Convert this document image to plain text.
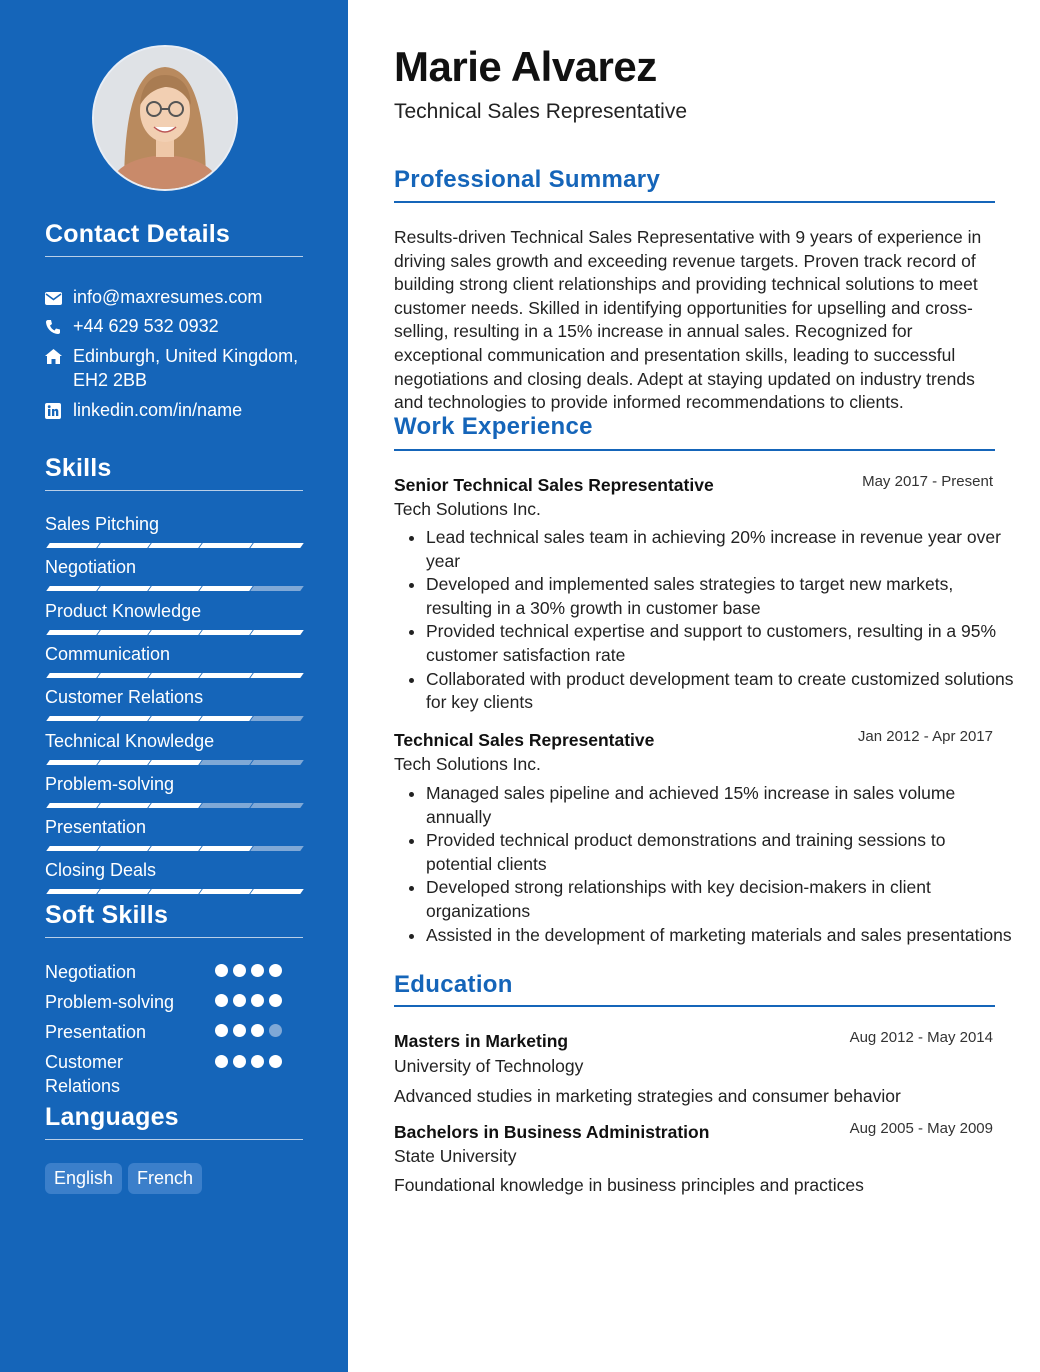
Contact Details
info@maxresumes.com
+44 629 532 0932
Edinburgh, United Kingdom, EH2 2BB
linkedin.com/in/name
Skills
Sales Pitching
Negotiation
Product Knowledge
Communication
Customer Relations
Technical Knowledge
Problem-solving
Presentation
Closing Deals
Soft Skills
Negotiation
Problem-solving
Presentation
Customer Relations
Languages
English	French
Marie Alvarez
Technical Sales Representative
Professional Summary

Results-driven Technical Sales Representative with 9 years of experience in driving sales growth and exceeding revenue targets. Proven track record of building strong client relationships and providing technical solutions to meet customer needs. Skilled in identifying opportunities for upselling and cross-selling, resulting in a 15% increase in annual sales. Recognized for exceptional communication and presentation skills, leading to successful negotiations and closing deals. Adept at staying updated on industry trends and technologies to provide informed recommendations to clients.

Work Experience
Senior Technical Sales Representative	May 2017 - Present
Tech Solutions Inc.
• Lead technical sales team in achieving 20% increase in revenue year over year
• Developed and implemented sales strategies to target new markets, resulting in a 30% growth in customer base
• Provided technical expertise and support to customers, resulting in a 95% customer satisfaction rate
• Collaborated with product development team to create customized solutions for key clients
Technical Sales Representative	Jan 2012 - Apr 2017
Tech Solutions Inc.
• Managed sales pipeline and achieved 15% increase in sales volume annually
• Provided technical product demonstrations and training sessions to potential clients
• Developed strong relationships with key decision-makers in client organizations
• Assisted in the development of marketing materials and sales presentations
Education
Masters in Marketing	Aug 2012 - May 2014
University of Technology
Advanced studies in marketing strategies and consumer behavior
Bachelors in Business Administration	Aug 2005 - May 2009
State University
Foundational knowledge in business principles and practices
